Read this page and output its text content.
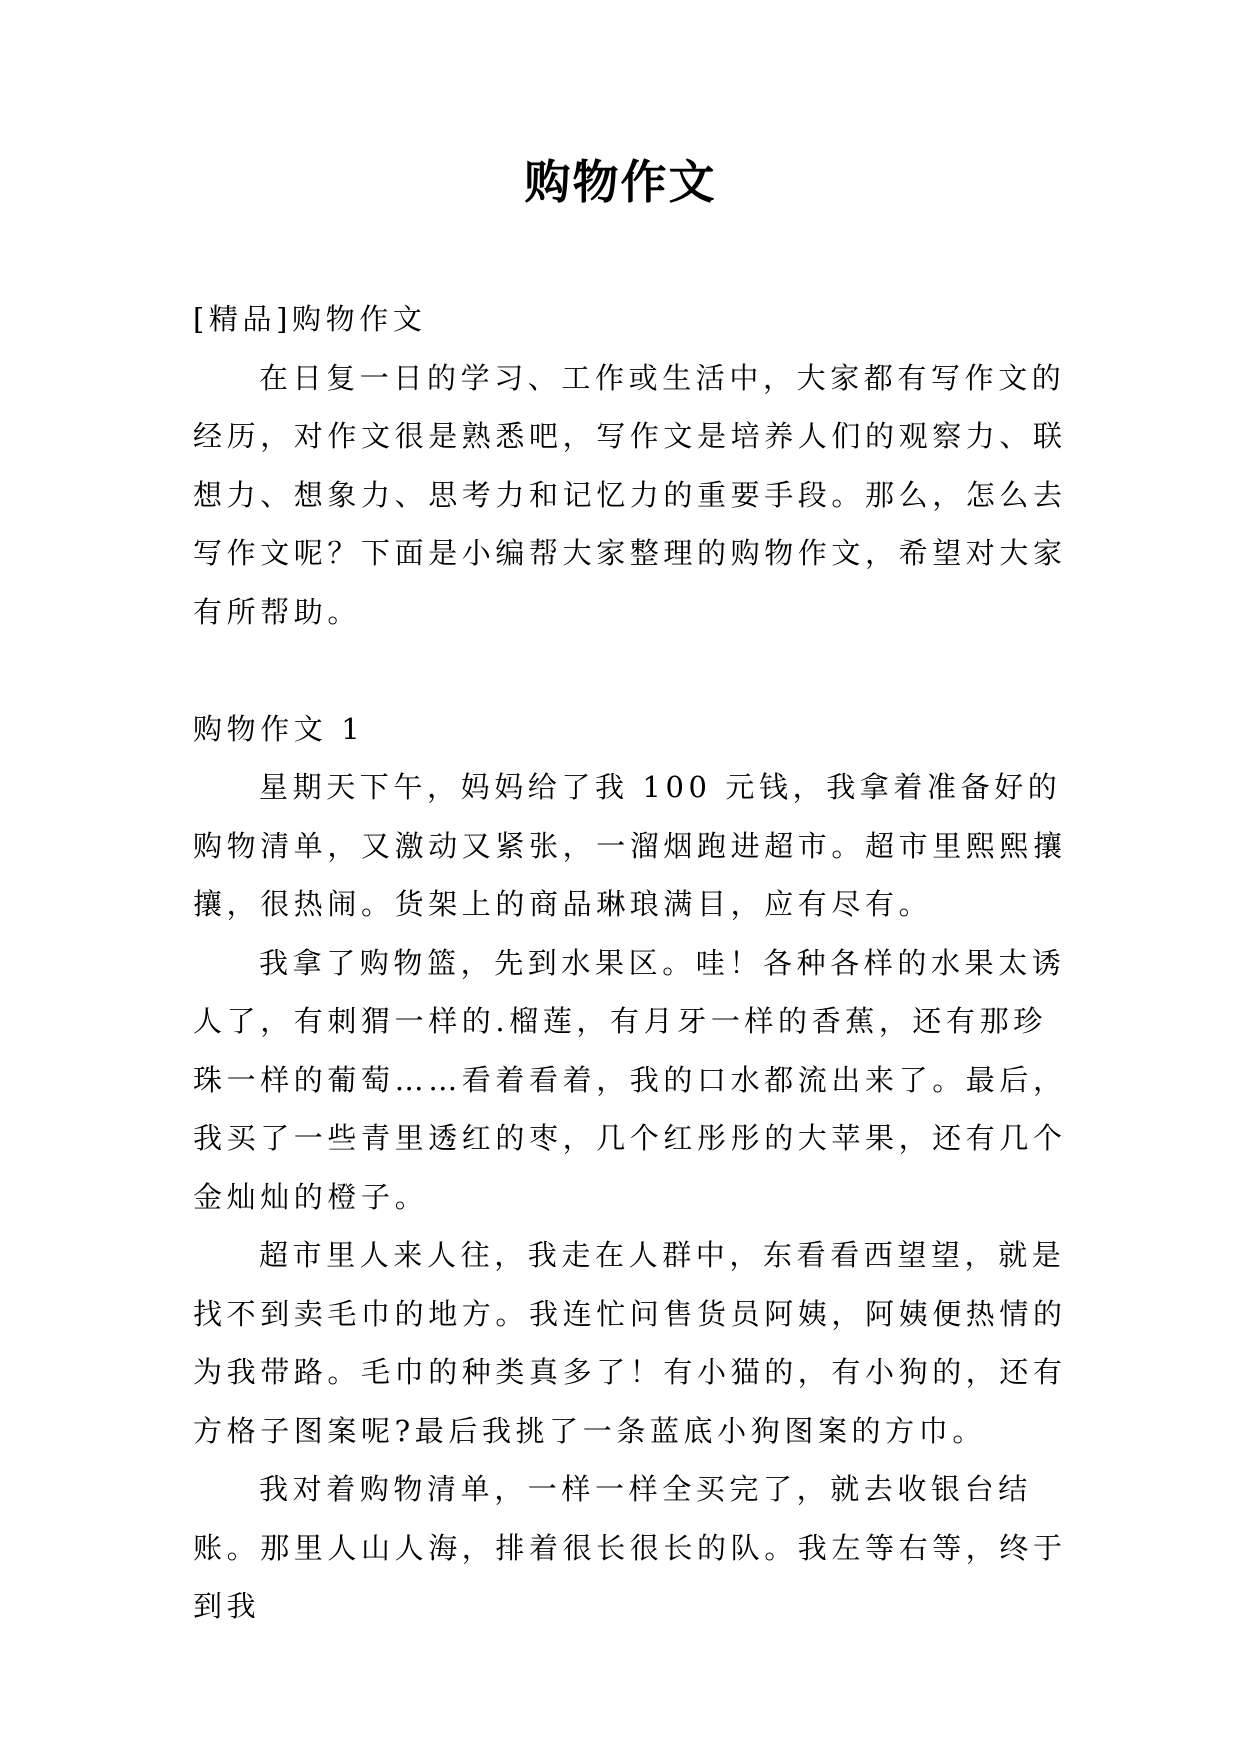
购物作文

[精品]购物作文

在日复一日的学习、工作或生活中，大家都有写作文的经历，对作文很是熟悉吧，写作文是培养人们的观察力、联想力、想象力、思考力和记忆力的重要手段。那么，怎么去写作文呢？下面是小编帮大家整理的购物作文，希望对大家有所帮助。

购物作文 1

星期天下午，妈妈给了我 100 元钱，我拿着准备好的购物清单，又激动又紧张，一溜烟跑进超市。超市里熙熙攘攘，很热闹。货架上的商品琳琅满目，应有尽有。

我拿了购物篮，先到水果区。哇！各种各样的水果太诱人了，有刺猬一样的.榴莲，有月牙一样的香蕉，还有那珍珠一样的葡萄……看着看着，我的口水都流出来了。最后，我买了一些青里透红的枣，几个红彤彤的大苹果，还有几个金灿灿的橙子。

超市里人来人往，我走在人群中，东看看西望望，就是找不到卖毛巾的地方。我连忙问售货员阿姨，阿姨便热情的为我带路。毛巾的种类真多了！有小猫的，有小狗的，还有方格子图案呢?最后我挑了一条蓝底小狗图案的方巾。

我对着购物清单，一样一样全买完了，就去收银台结账。那里人山人海，排着很长很长的队。我左等右等，终于到我
